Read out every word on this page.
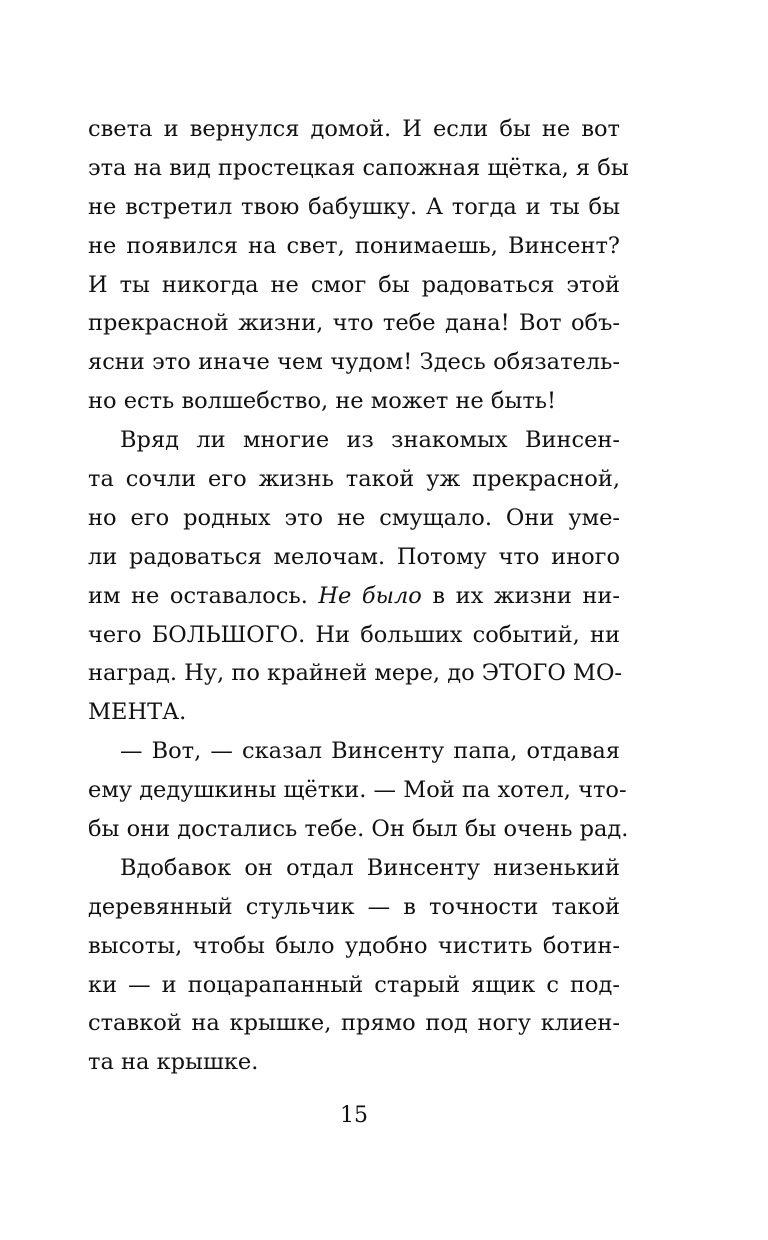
света и вернулся домой. И если бы не вот
эта на вид простецкая сапожная щётка, я бы
не встретил твою бабушку. А тогда и ты бы
не появился на свет, понимаешь, Винсент?
И ты никогда не смог бы радоваться этой
прекрасной жизни, что тебе дана! Вот объ-
ясни это иначе чем чудом! Здесь обязатель-
но есть волшебство, не может не быть!
Вряд ли многие из знакомых Винсен-
та сочли его жизнь такой уж прекрасной,
но его родных это не смущало. Они уме-
ли радоваться мелочам. Потому что иного
им не оставалось. Не было в их жизни ни-
чего БОЛЬШОГО. Ни больших событий, ни
наград. Ну, по крайней мере, до ЭТОГО МО-
МЕНТА.
— Вот, — сказал Винсенту папа, отдавая
ему дедушкины щётки. — Мой па хотел, что-
бы они достались тебе. Он был бы очень рад.
Вдобавок он отдал Винсенту низенький
деревянный стульчик — в точности такой
высоты, чтобы было удобно чистить ботин-
ки — и поцарапанный старый ящик с под-
ставкой на крышке, прямо под ногу клиен-
та на крышке.
15
